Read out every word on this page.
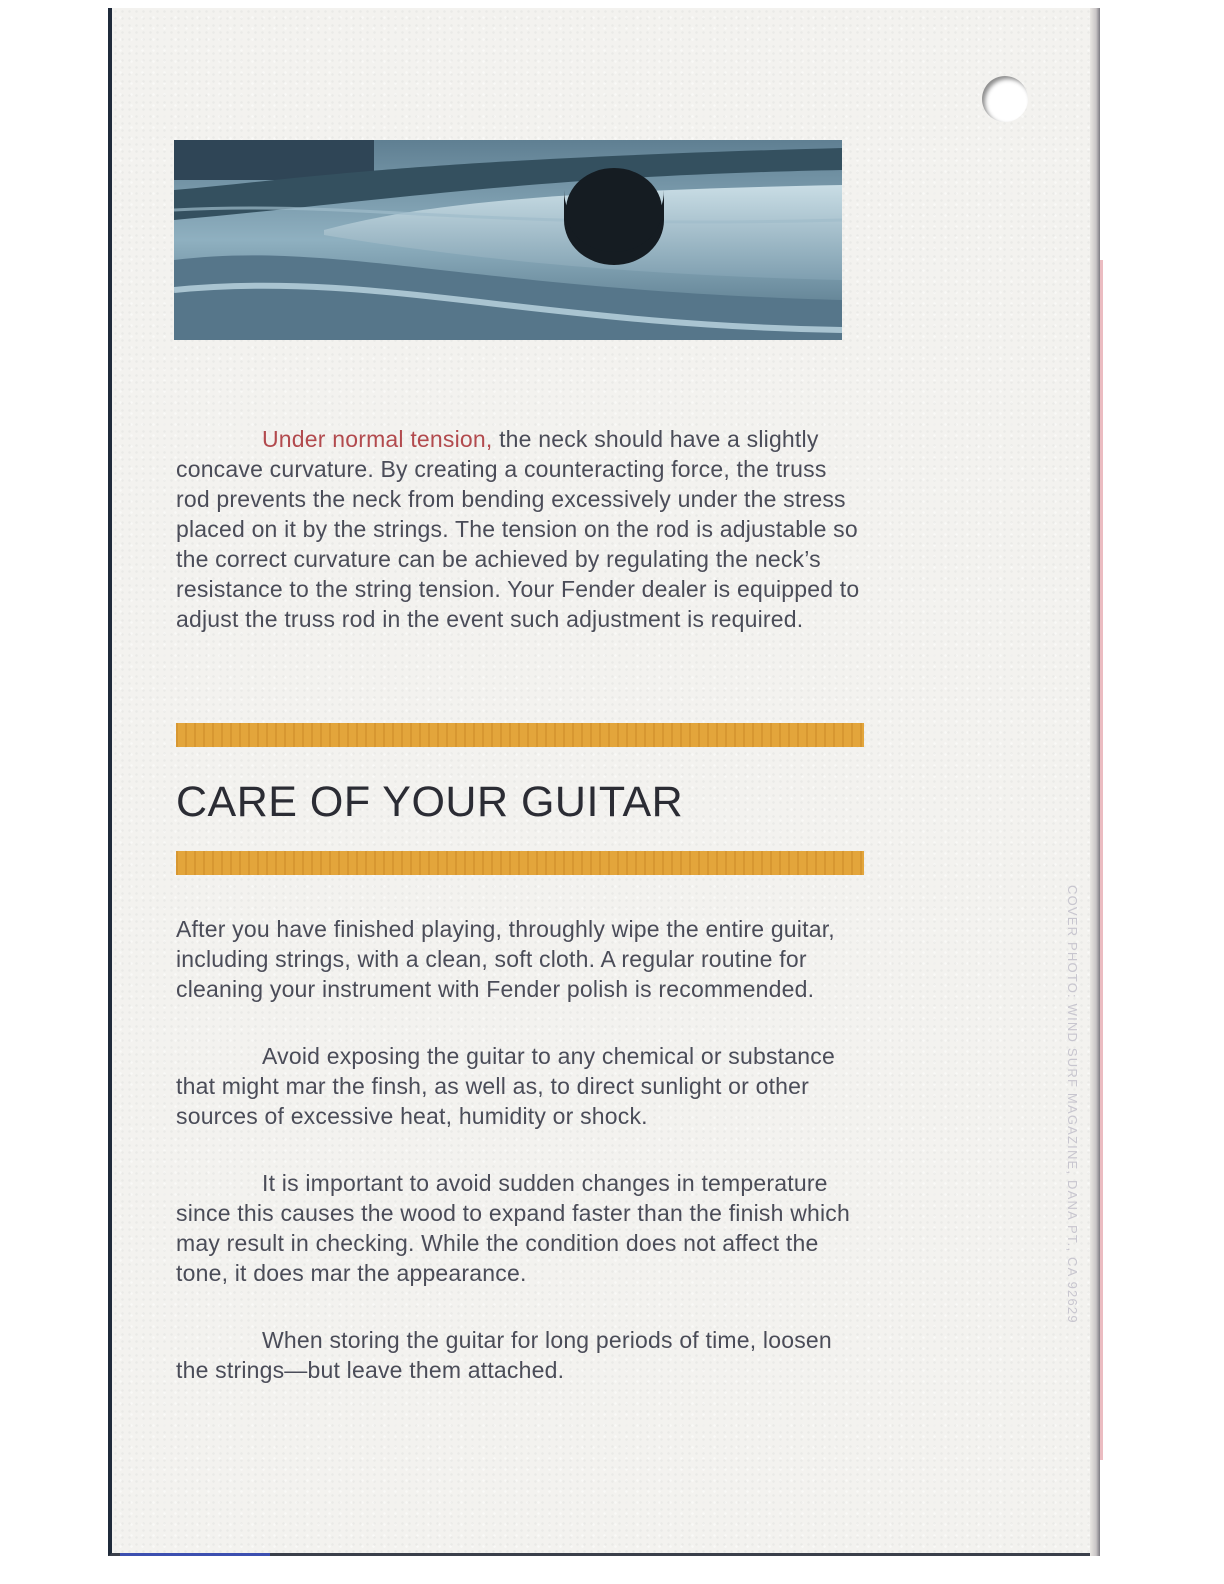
Under normal tension, the neck should have a slightly concave curvature. By creating a counteracting force, the truss rod prevents the neck from bending excessively under the stress placed on it by the strings. The tension on the rod is adjustable so the correct curvature can be achieved by regulating the neck’s resistance to the string tension. Your Fender dealer is equipped to adjust the truss rod in the event such adjustment is required.

CARE OF YOUR GUITAR

After you have finished playing, throughly wipe the entire guitar, including strings, with a clean, soft cloth. A regular routine for cleaning your instrument with Fender polish is recommended.

Avoid exposing the guitar to any chemical or substance that might mar the finsh, as well as, to direct sunlight or other sources of excessive heat, humidity or shock.

It is important to avoid sudden changes in temperature since this causes the wood to expand faster than the finish which may result in checking. While the condition does not affect the tone, it does mar the appearance.

When storing the guitar for long periods of time, loosen the strings—but leave them attached.

COVER PHOTO: WIND SURF MAGAZINE, DANA PT., CA 92629
